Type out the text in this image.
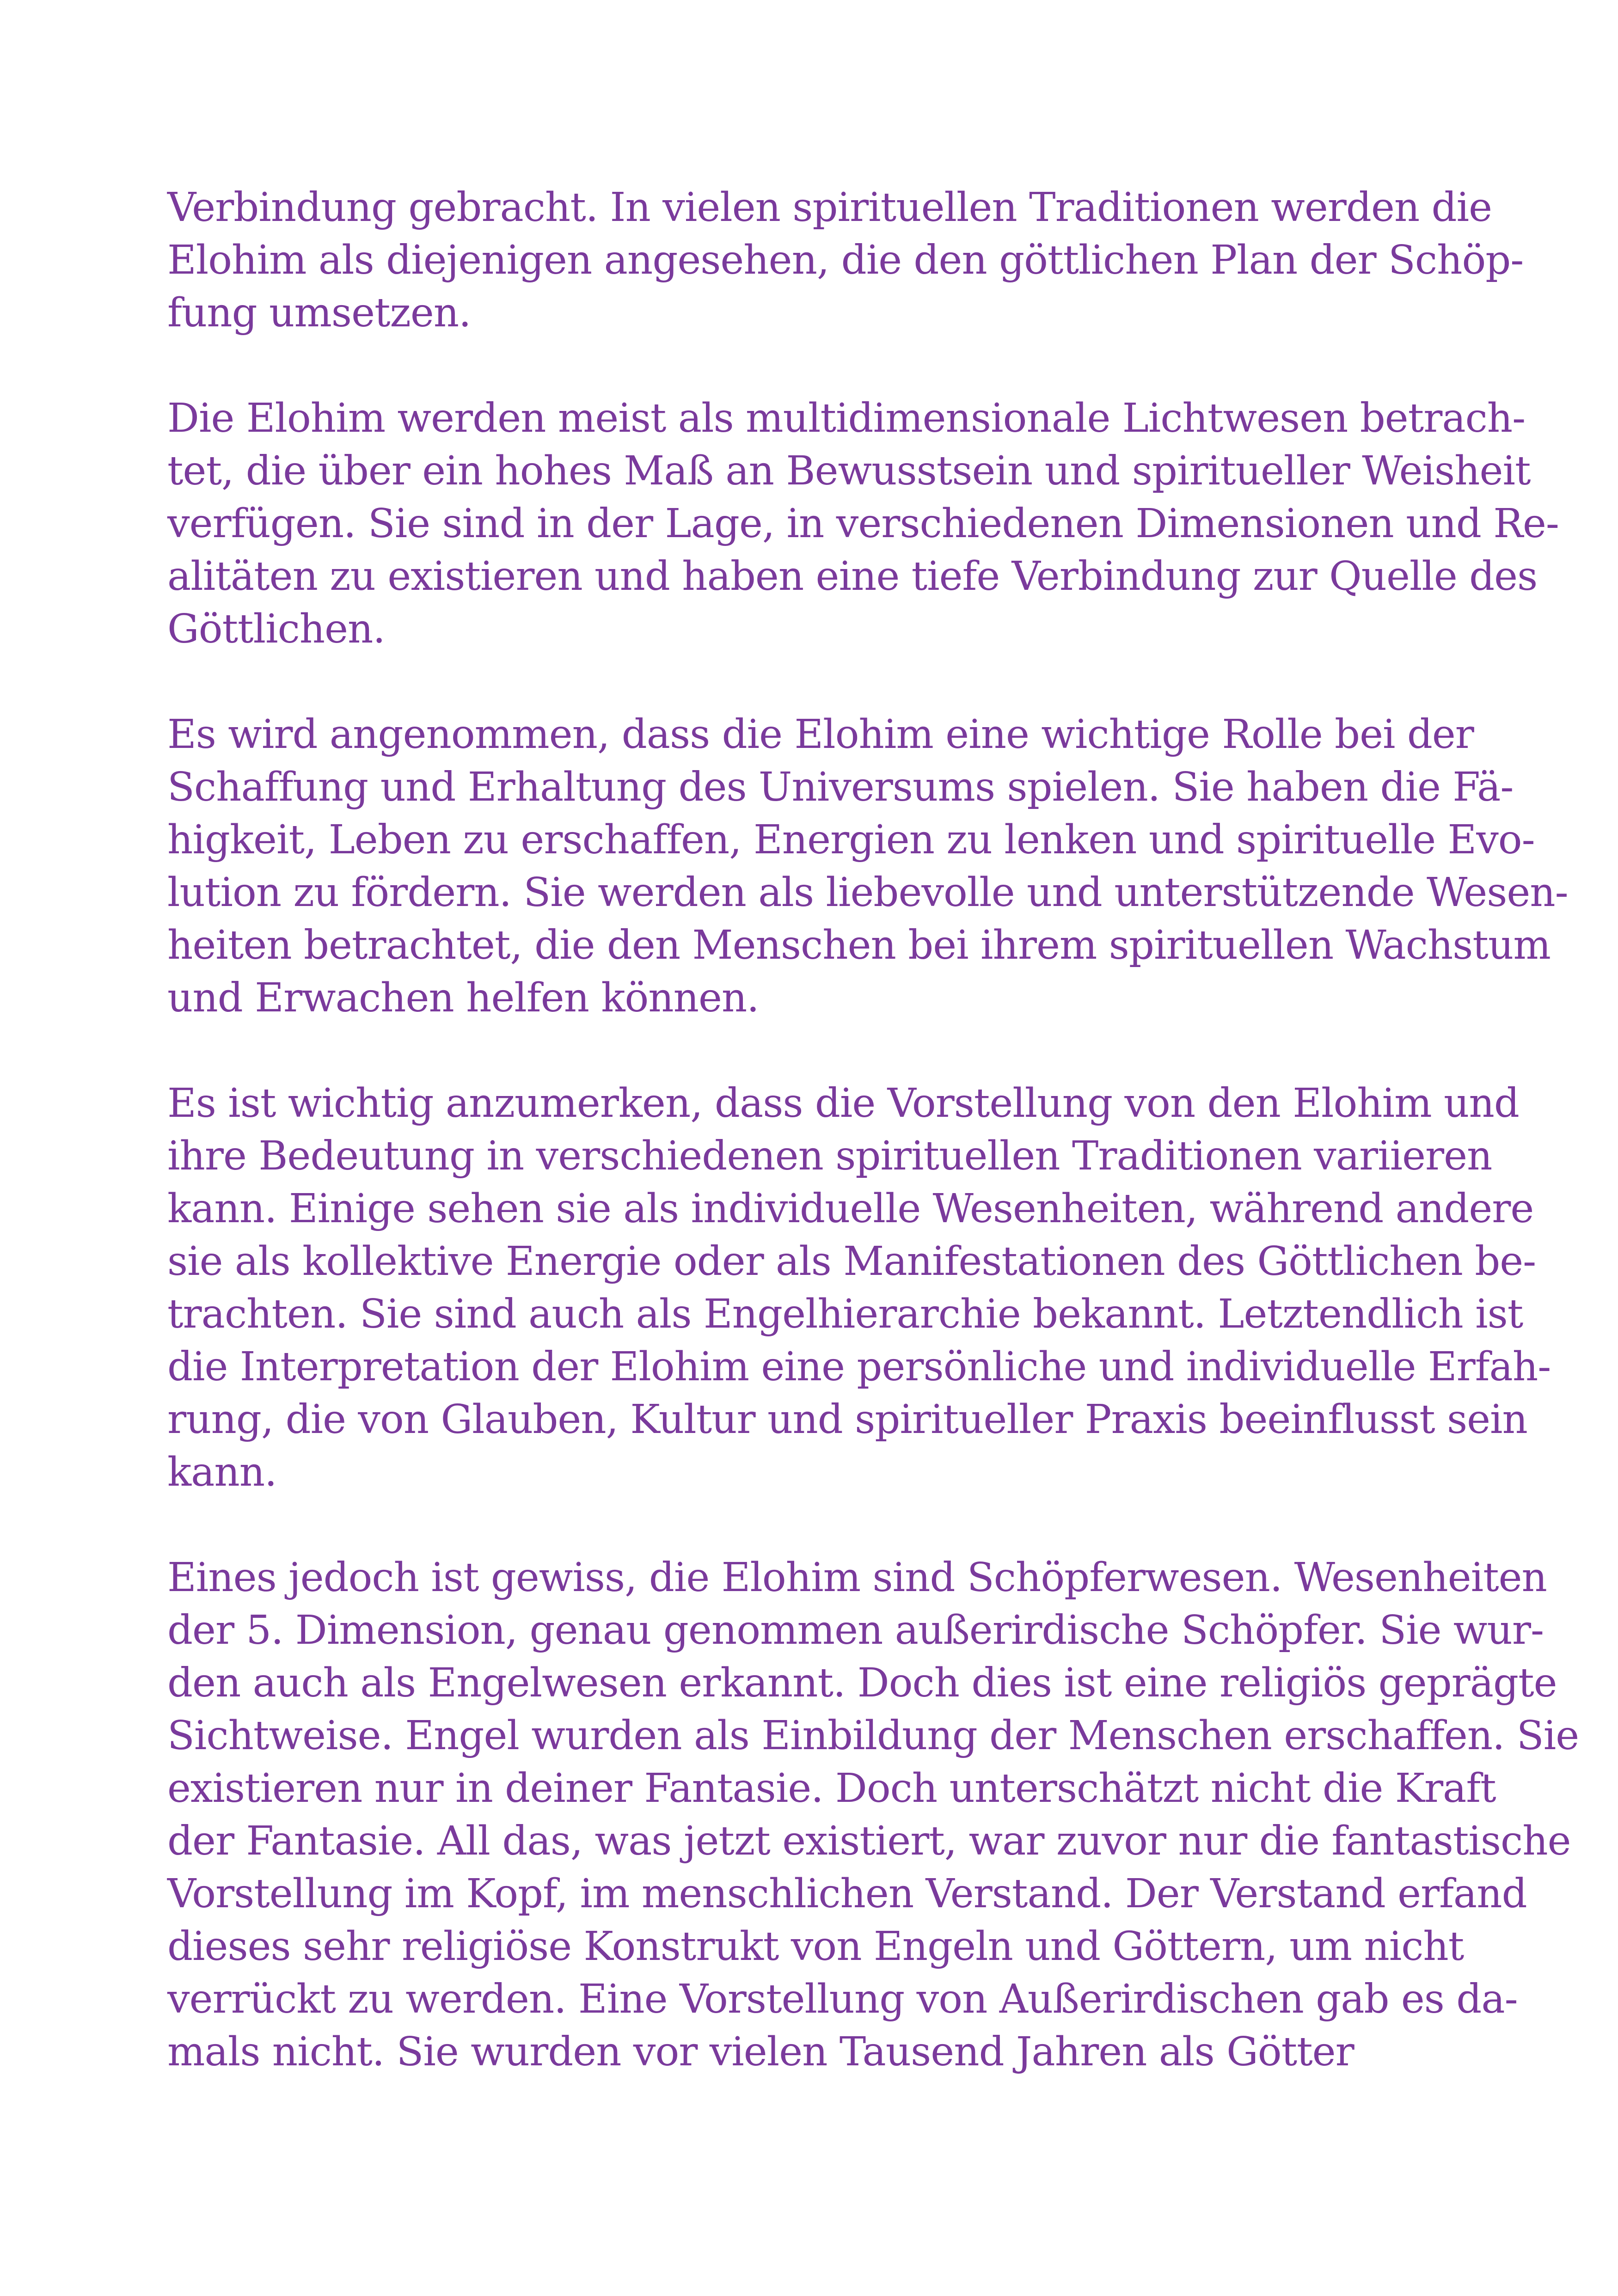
Verbindung gebracht. In vielen spirituellen Traditionen werden die
Elohim als diejenigen angesehen, die den göttlichen Plan der Schöp-
fung umsetzen.

Die Elohim werden meist als multidimensionale Lichtwesen betrach-
tet, die über ein hohes Maß an Bewusstsein und spiritueller Weisheit
verfügen. Sie sind in der Lage, in verschiedenen Dimensionen und Re-
alitäten zu existieren und haben eine tiefe Verbindung zur Quelle des
Göttlichen.

Es wird angenommen, dass die Elohim eine wichtige Rolle bei der
Schaffung und Erhaltung des Universums spielen. Sie haben die Fä-
higkeit, Leben zu erschaffen, Energien zu lenken und spirituelle Evo-
lution zu fördern. Sie werden als liebevolle und unterstützende Wesen-
heiten betrachtet, die den Menschen bei ihrem spirituellen Wachstum
und Erwachen helfen können.

Es ist wichtig anzumerken, dass die Vorstellung von den Elohim und
ihre Bedeutung in verschiedenen spirituellen Traditionen variieren
kann. Einige sehen sie als individuelle Wesenheiten, während andere
sie als kollektive Energie oder als Manifestationen des Göttlichen be-
trachten. Sie sind auch als Engelhierarchie bekannt. Letztendlich ist
die Interpretation der Elohim eine persönliche und individuelle Erfah-
rung, die von Glauben, Kultur und spiritueller Praxis beeinflusst sein
kann.

Eines jedoch ist gewiss, die Elohim sind Schöpferwesen. Wesenheiten
der 5. Dimension, genau genommen außerirdische Schöpfer. Sie wur-
den auch als Engelwesen erkannt. Doch dies ist eine religiös geprägte
Sichtweise. Engel wurden als Einbildung der Menschen erschaffen. Sie
existieren nur in deiner Fantasie. Doch unterschätzt nicht die Kraft
der Fantasie. All das, was jetzt existiert, war zuvor nur die fantastische
Vorstellung im Kopf, im menschlichen Verstand. Der Verstand erfand
dieses sehr religiöse Konstrukt von Engeln und Göttern, um nicht
verrückt zu werden. Eine Vorstellung von Außerirdischen gab es da-
mals nicht. Sie wurden vor vielen Tausend Jahren als Götter
